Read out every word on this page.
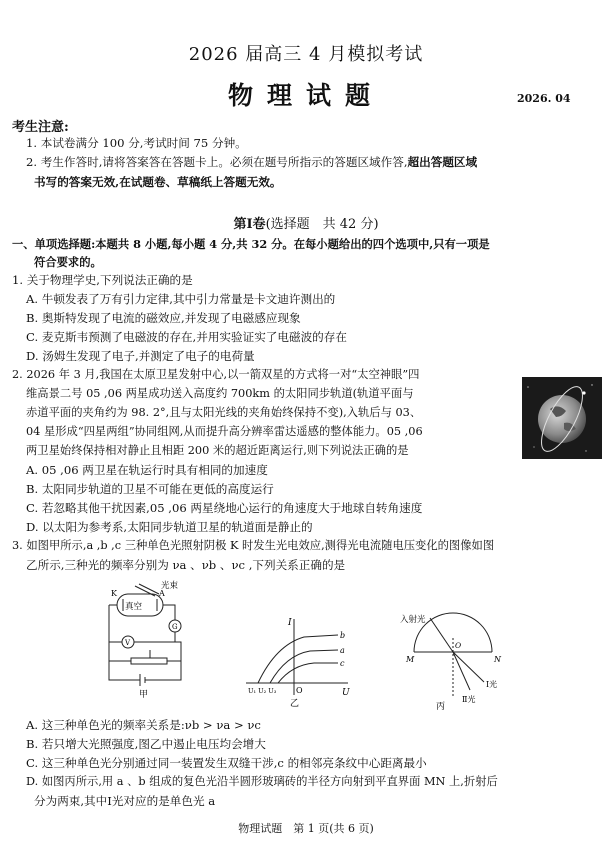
2026 届高三 4 月模拟考试
物理试题	2026. 04
考生注意:
1. 本试卷满分 100 分,考试时间 75 分钟。
2. 考生作答时,请将答案答在答题卡上。必须在题号所指示的答题区域作答,超出答题区域
书写的答案无效,在试题卷、草稿纸上答题无效。
第Ⅰ卷(选择题　共 42 分)
一、单项选择题:本题共 8 小题,每小题 4 分,共 32 分。在每小题给出的四个选项中,只有一项是
符合要求的。
1. 关于物理学史,下列说法正确的是
A. 牛顿发表了万有引力定律,其中引力常量是卡文迪许测出的
B. 奥斯特发现了电流的磁效应,并发现了电磁感应现象
C. 麦克斯韦预测了电磁波的存在,并用实验证实了电磁波的存在
D. 汤姆生发现了电子,并测定了电子的电荷量
2. 2026 年 3 月,我国在太原卫星发射中心,以一箭双星的方式将一对“太空神眼”四
维高景二号 05 ,06 两星成功送入高度约 700km 的太阳同步轨道(轨道平面与
赤道平面的夹角约为 98. 2°,且与太阳光线的夹角始终保持不变),入轨后与 03、
04 星形成“四星两组”协同组网,从而提升高分辨率雷达遥感的整体能力。05 ,06
两卫星始终保持相对静止且相距 200 米的超近距离运行,则下列说法正确的是
A. 05 ,06 两卫星在轨运行时具有相同的加速度
B. 太阳同步轨道的卫星不可能在更低的高度运行
C. 若忽略其他干扰因素,05 ,06 两星绕地心运行的角速度大于地球自转角速度
D. 以太阳为参考系,太阳同步轨道卫星的轨道面是静止的
3. 如图甲所示,a ,b ,c 三种单色光照射阴极 K 时发生光电效应,测得光电流随电压变化的图像如图
乙所示,三种光的频率分别为 νa 、νb 、νc ,下列关系正确的是
真空
光束
K	A
G
V
甲
I
U
O
b
a
c
U₁ U₂ U₃
乙
入射光
M	N
O
Ⅰ光
Ⅱ光
丙
A. 这三种单色光的频率关系是:νb > νa > νc
B. 若只增大光照强度,图乙中遏止电压均会增大
C. 这三种单色光分别通过同一装置发生双缝干涉,c 的相邻亮条纹中心距离最小
D. 如图丙所示,用 a 、b 组成的复色光沿半圆形玻璃砖的半径方向射到平直界面 MN 上,折射后
分为两束,其中Ⅰ光对应的是单色光 a
物理试题　第 1 页(共 6 页)
